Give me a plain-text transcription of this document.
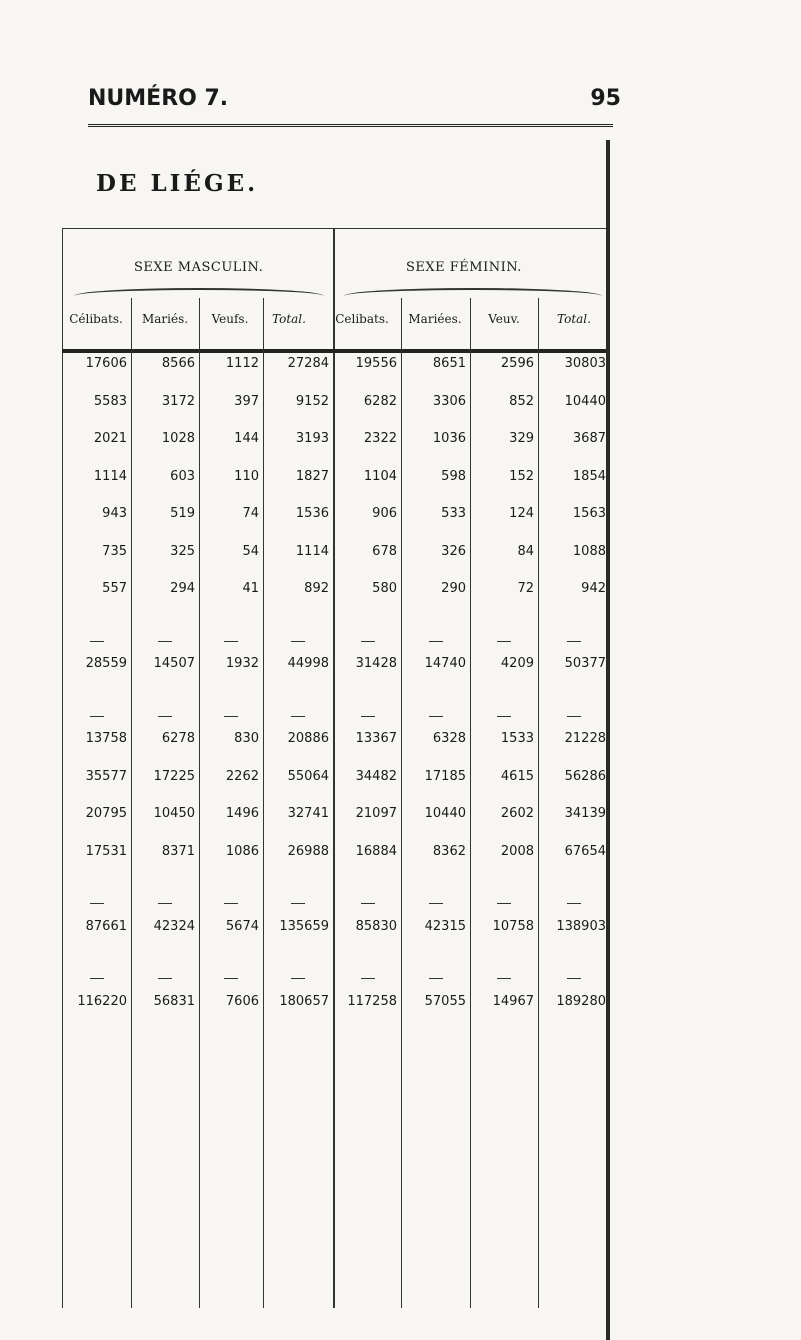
NUMÉRO 7.	95
DE LIÉGE.
SEXE MASCULIN.	SEXE FÉMININ.
Célibats.	Mariés.	Veufs.	Total.	Celibats.	Mariées.	Veuv.	Total.
17606	8566	1112	27284	19556	8651	2596	30803
5583	3172	397	9152	6282	3306	852	10440
2021	1028	144	3193	2322	1036	329	3687
1114	603	110	1827	1104	598	152	1854
943	519	74	1536	906	533	124	1563
735	325	54	1114	678	326	84	1088
557	294	41	892	580	290	72	942
28559	14507	1932	44998	31428	14740	4209	50377
13758	6278	830	20886	13367	6328	1533	21228
35577	17225	2262	55064	34482	17185	4615	56286
20795	10450	1496	32741	21097	10440	2602	34139
17531	8371	1086	26988	16884	8362	2008	67654
87661	42324	5674	135659	85830	42315	10758	138903
116220	56831	7606	180657	117258	57055	14967	189280
